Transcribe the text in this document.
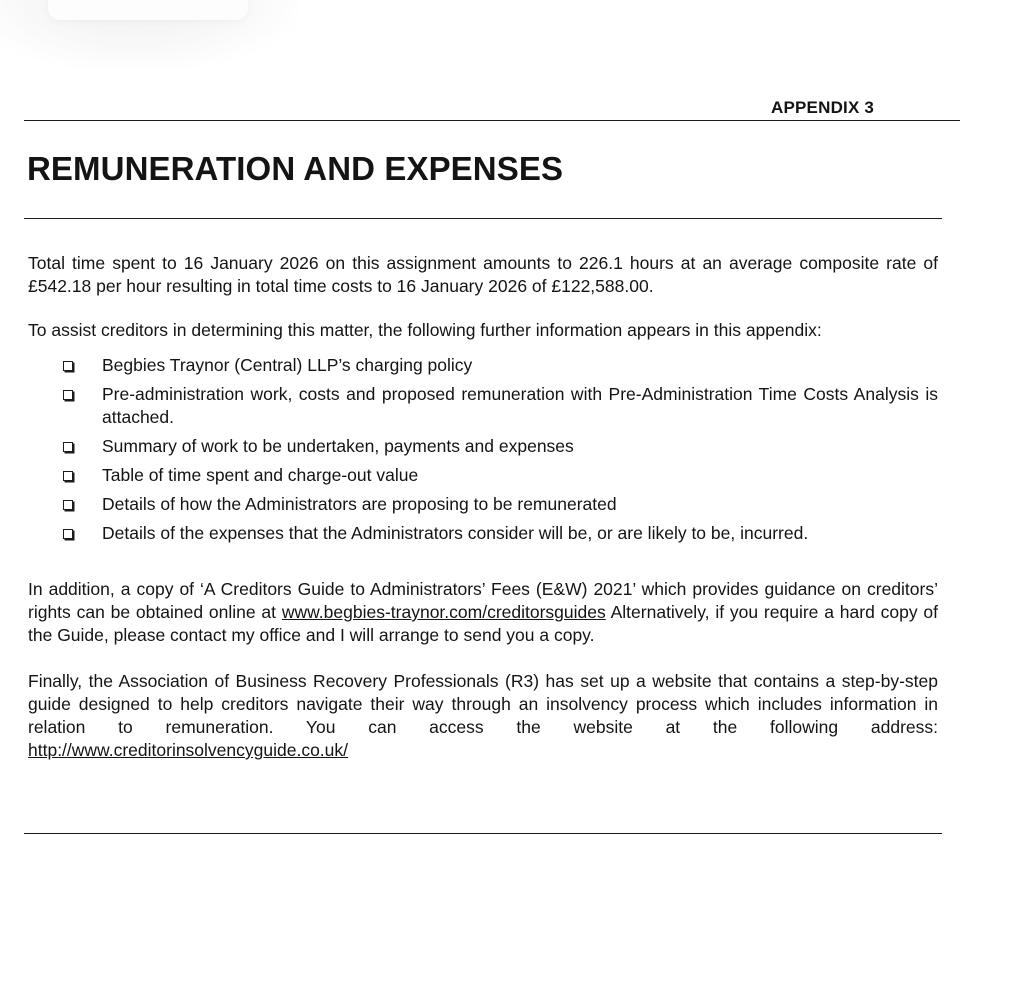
APPENDIX 3
REMUNERATION AND EXPENSES

Total time spent to 16 January 2026 on this assignment amounts to 226.1 hours at an average composite rate of £542.18 per hour resulting in total time costs to 16 January 2026 of £122,588.00.

To assist creditors in determining this matter, the following further information appears in this appendix:

Begbies Traynor (Central) LLP’s charging policy
Pre-administration work, costs and proposed remuneration with Pre-Administration Time Costs Analysis is attached.
Summary of work to be undertaken, payments and expenses
Table of time spent and charge-out value
Details of how the Administrators are proposing to be remunerated
Details of the expenses that the Administrators consider will be, or are likely to be, incurred.

In addition, a copy of ‘A Creditors Guide to Administrators’ Fees (E&W) 2021’ which provides guidance on creditors’ rights can be obtained online at www.begbies-traynor.com/creditorsguides Alternatively, if you require a hard copy of the Guide, please contact my office and I will arrange to send you a copy.

Finally, the Association of Business Recovery Professionals (R3) has set up a website that contains a step-by-step guide designed to help creditors navigate their way through an insolvency process which includes information in relation to remuneration. You can access the website at the following address: http://www.creditorinsolvencyguide.co.uk/
